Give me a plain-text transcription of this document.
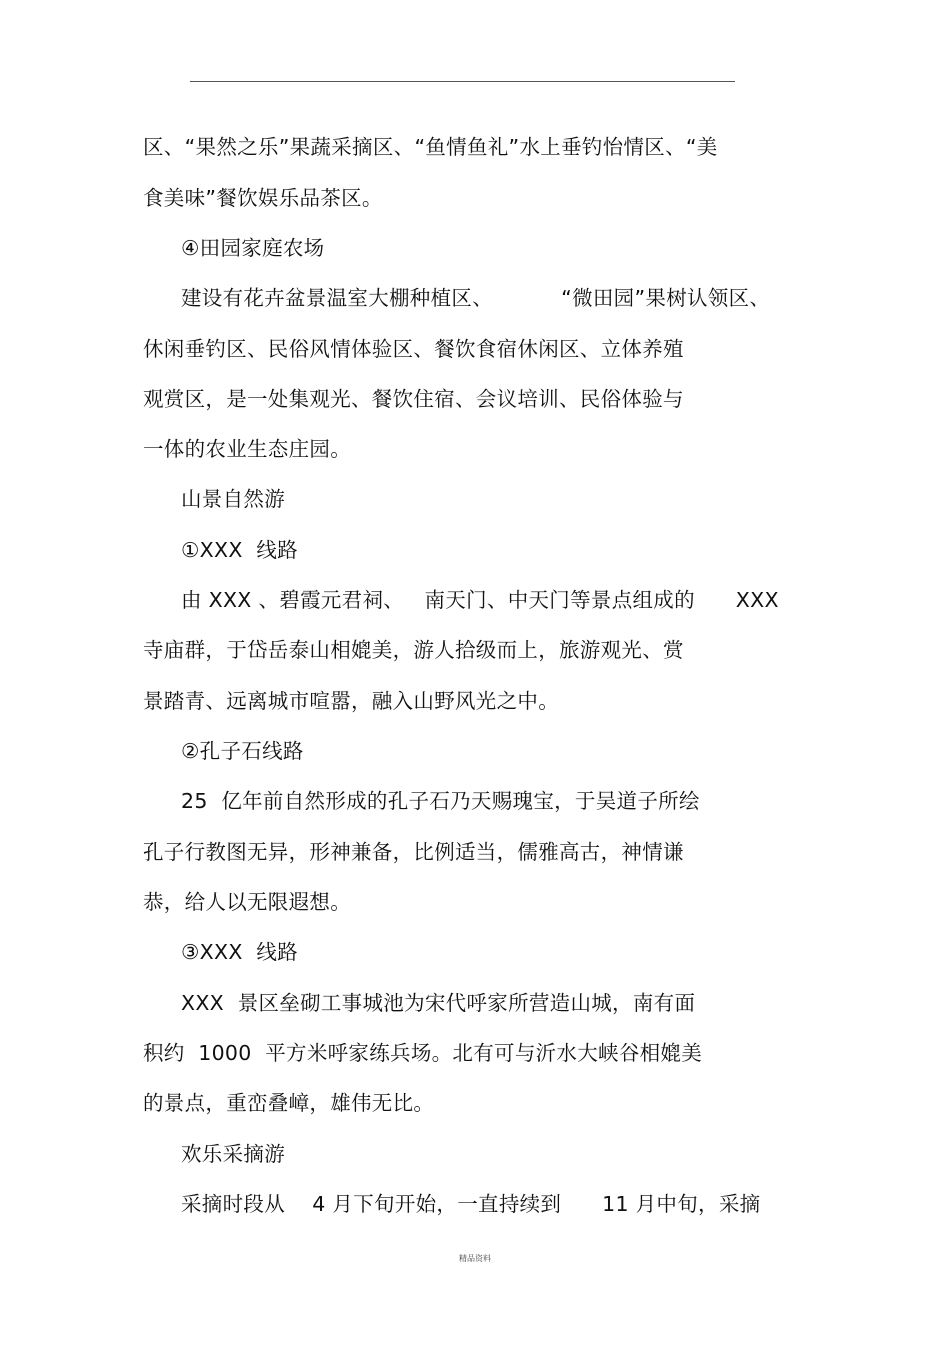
区、“果然之乐”果蔬采摘区、“鱼情鱼礼”水上垂钓怡情区、“美
食美味”餐饮娱乐品茶区。
④田园家庭农场
建设有花卉盆景温室大棚种植区、          “微田园”果树认领区、
休闲垂钓区、民俗风情体验区、餐饮食宿休闲区、立体养殖
观赏区，是一处集观光、餐饮住宿、会议培训、民俗体验与
一体的农业生态庄园。
山景自然游
①XXX  线路
由 XXX 、碧霞元君祠、   南天门、中天门等景点组成的      XXX
寺庙群，于岱岳泰山相媲美，游人拾级而上，旅游观光、赏
景踏青、远离城市喧嚣，融入山野风光之中。
②孔子石线路
25  亿年前自然形成的孔子石乃天赐瑰宝，于吴道子所绘
孔子行教图无异，形神兼备，比例适当，儒雅高古，神情谦
恭，给人以无限遐想。
③XXX  线路
XXX  景区垒砌工事城池为宋代呼家所营造山城，南有面
积约  1000  平方米呼家练兵场。北有可与沂水大峡谷相媲美
的景点，重峦叠嶂，雄伟无比。
欢乐采摘游
采摘时段从    4 月下旬开始，一直持续到      11 月中旬，采摘
精品资料
